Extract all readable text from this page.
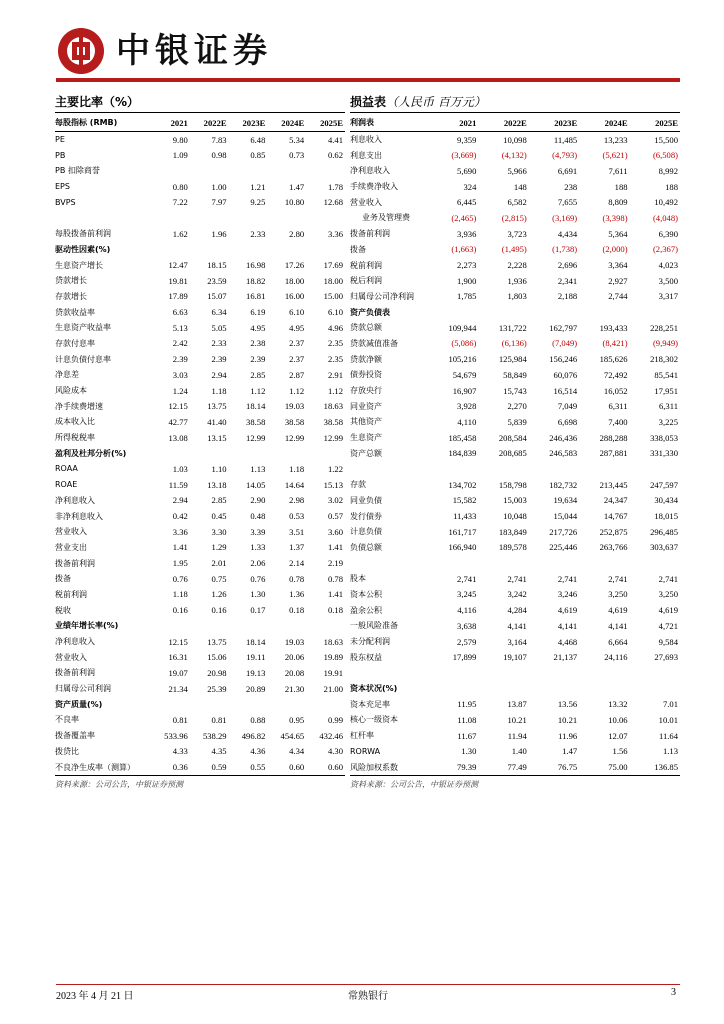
中银证券
主要比率（%）
每股指标 (RMB)	2021	2022E	2023E	2024E	2025E
PE	9.80	7.83	6.48	5.34	4.41
PB	1.09	0.98	0.85	0.73	0.62
PB 扣除商誉					
EPS	0.80	1.00	1.21	1.47	1.78
BVPS	7.22	7.97	9.25	10.80	12.68

每股拨备前利润	1.62	1.96	2.33	2.80	3.36
驱动性因素(%)					
生息资产增长	12.47	18.15	16.98	17.26	17.69
贷款增长	19.81	23.59	18.82	18.00	18.00
存款增长	17.89	15.07	16.81	16.00	15.00
贷款收益率	6.63	6.34	6.19	6.10	6.10
生息资产收益率	5.13	5.05	4.95	4.95	4.96
存款付息率	2.42	2.33	2.38	2.37	2.35
计息负债付息率	2.39	2.39	2.39	2.37	2.35
净息差	3.03	2.94	2.85	2.87	2.91
风险成本	1.24	1.18	1.12	1.12	1.12
净手续费增速	12.15	13.75	18.14	19.03	18.63
成本收入比	42.77	41.40	38.58	38.58	38.58
所得税税率	13.08	13.15	12.99	12.99	12.99
盈利及杜邦分析(%)					
ROAA	1.03	1.10	1.13	1.18	1.22
ROAE	11.59	13.18	14.05	14.64	15.13
净利息收入	2.94	2.85	2.90	2.98	3.02
非净利息收入	0.42	0.45	0.48	0.53	0.57
营业收入	3.36	3.30	3.39	3.51	3.60
营业支出	1.41	1.29	1.33	1.37	1.41
拨备前利润	1.95	2.01	2.06	2.14	2.19
拨备	0.76	0.75	0.76	0.78	0.78
税前利润	1.18	1.26	1.30	1.36	1.41
税收	0.16	0.16	0.17	0.18	0.18
业绩年增长率(%)					
净利息收入	12.15	13.75	18.14	19.03	18.63
营业收入	16.31	15.06	19.11	20.06	19.89
拨备前利润	19.07	20.98	19.13	20.08	19.91
归属母公司利润	21.34	25.39	20.89	21.30	21.00
资产质量(%)					
不良率	0.81	0.81	0.88	0.95	0.99
拨备覆盖率	533.96	538.29	496.82	454.65	432.46
拨贷比	4.33	4.35	4.36	4.34	4.30
不良净生成率（测算）	0.36	0.59	0.55	0.60	0.60
资料来源：公司公告，中银证券预测
损益表（人民币 百万元）
利润表	2021	2022E	2023E	2024E	2025E
利息收入	9,359	10,098	11,485	13,233	15,500
利息支出	(3,669)	(4,132)	(4,793)	(5,621)	(6,508)
净利息收入	5,690	5,966	6,691	7,611	8,992
手续费净收入	324	148	238	188	188
营业收入	6,445	6,582	7,655	8,809	10,492
业务及管理费	(2,465)	(2,815)	(3,169)	(3,398)	(4,048)
拨备前利润	3,936	3,723	4,434	5,364	6,390
拨备	(1,663)	(1,495)	(1,738)	(2,000)	(2,367)
税前利润	2,273	2,228	2,696	3,364	4,023
税后利润	1,900	1,936	2,341	2,927	3,500
归属母公司净利润	1,785	1,803	2,188	2,744	3,317
资产负债表					
贷款总额	109,944	131,722	162,797	193,433	228,251
贷款减值准备	(5,086)	(6,136)	(7,049)	(8,421)	(9,949)
贷款净额	105,216	125,984	156,246	185,626	218,302
债券投资	54,679	58,849	60,076	72,492	85,541
存放央行	16,907	15,743	16,514	16,052	17,951
同业资产	3,928	2,270	7,049	6,311	6,311
其他资产	4,110	5,839	6,698	7,400	3,225
生息资产	185,458	208,584	246,436	288,288	338,053
资产总额	184,839	208,685	246,583	287,881	331,330

存款	134,702	158,798	182,732	213,445	247,597
同业负债	15,582	15,003	19,634	24,347	30,434
发行债券	11,433	10,048	15,044	14,767	18,015
计息负债	161,717	183,849	217,726	252,875	296,485
负债总额	166,940	189,578	225,446	263,766	303,637

股本	2,741	2,741	2,741	2,741	2,741
资本公积	3,245	3,242	3,246	3,250	3,250
盈余公积	4,116	4,284	4,619	4,619	4,619
一般风险准备	3,638	4,141	4,141	4,141	4,721
未分配利润	2,579	3,164	4,468	6,664	9,584
股东权益	17,899	19,107	21,137	24,116	27,693

资本状况(%)					
资本充足率	11.95	13.87	13.56	13.32	7.01
核心一级资本	11.08	10.21	10.21	10.06	10.01
杠杆率	11.67	11.94	11.96	12.07	11.64
RORWA	1.30	1.40	1.47	1.56	1.13
风险加权系数	79.39	77.49	76.75	75.00	136.85
资料来源：公司公告，中银证券预测
2023 年 4 月 21 日	常熟银行	3
